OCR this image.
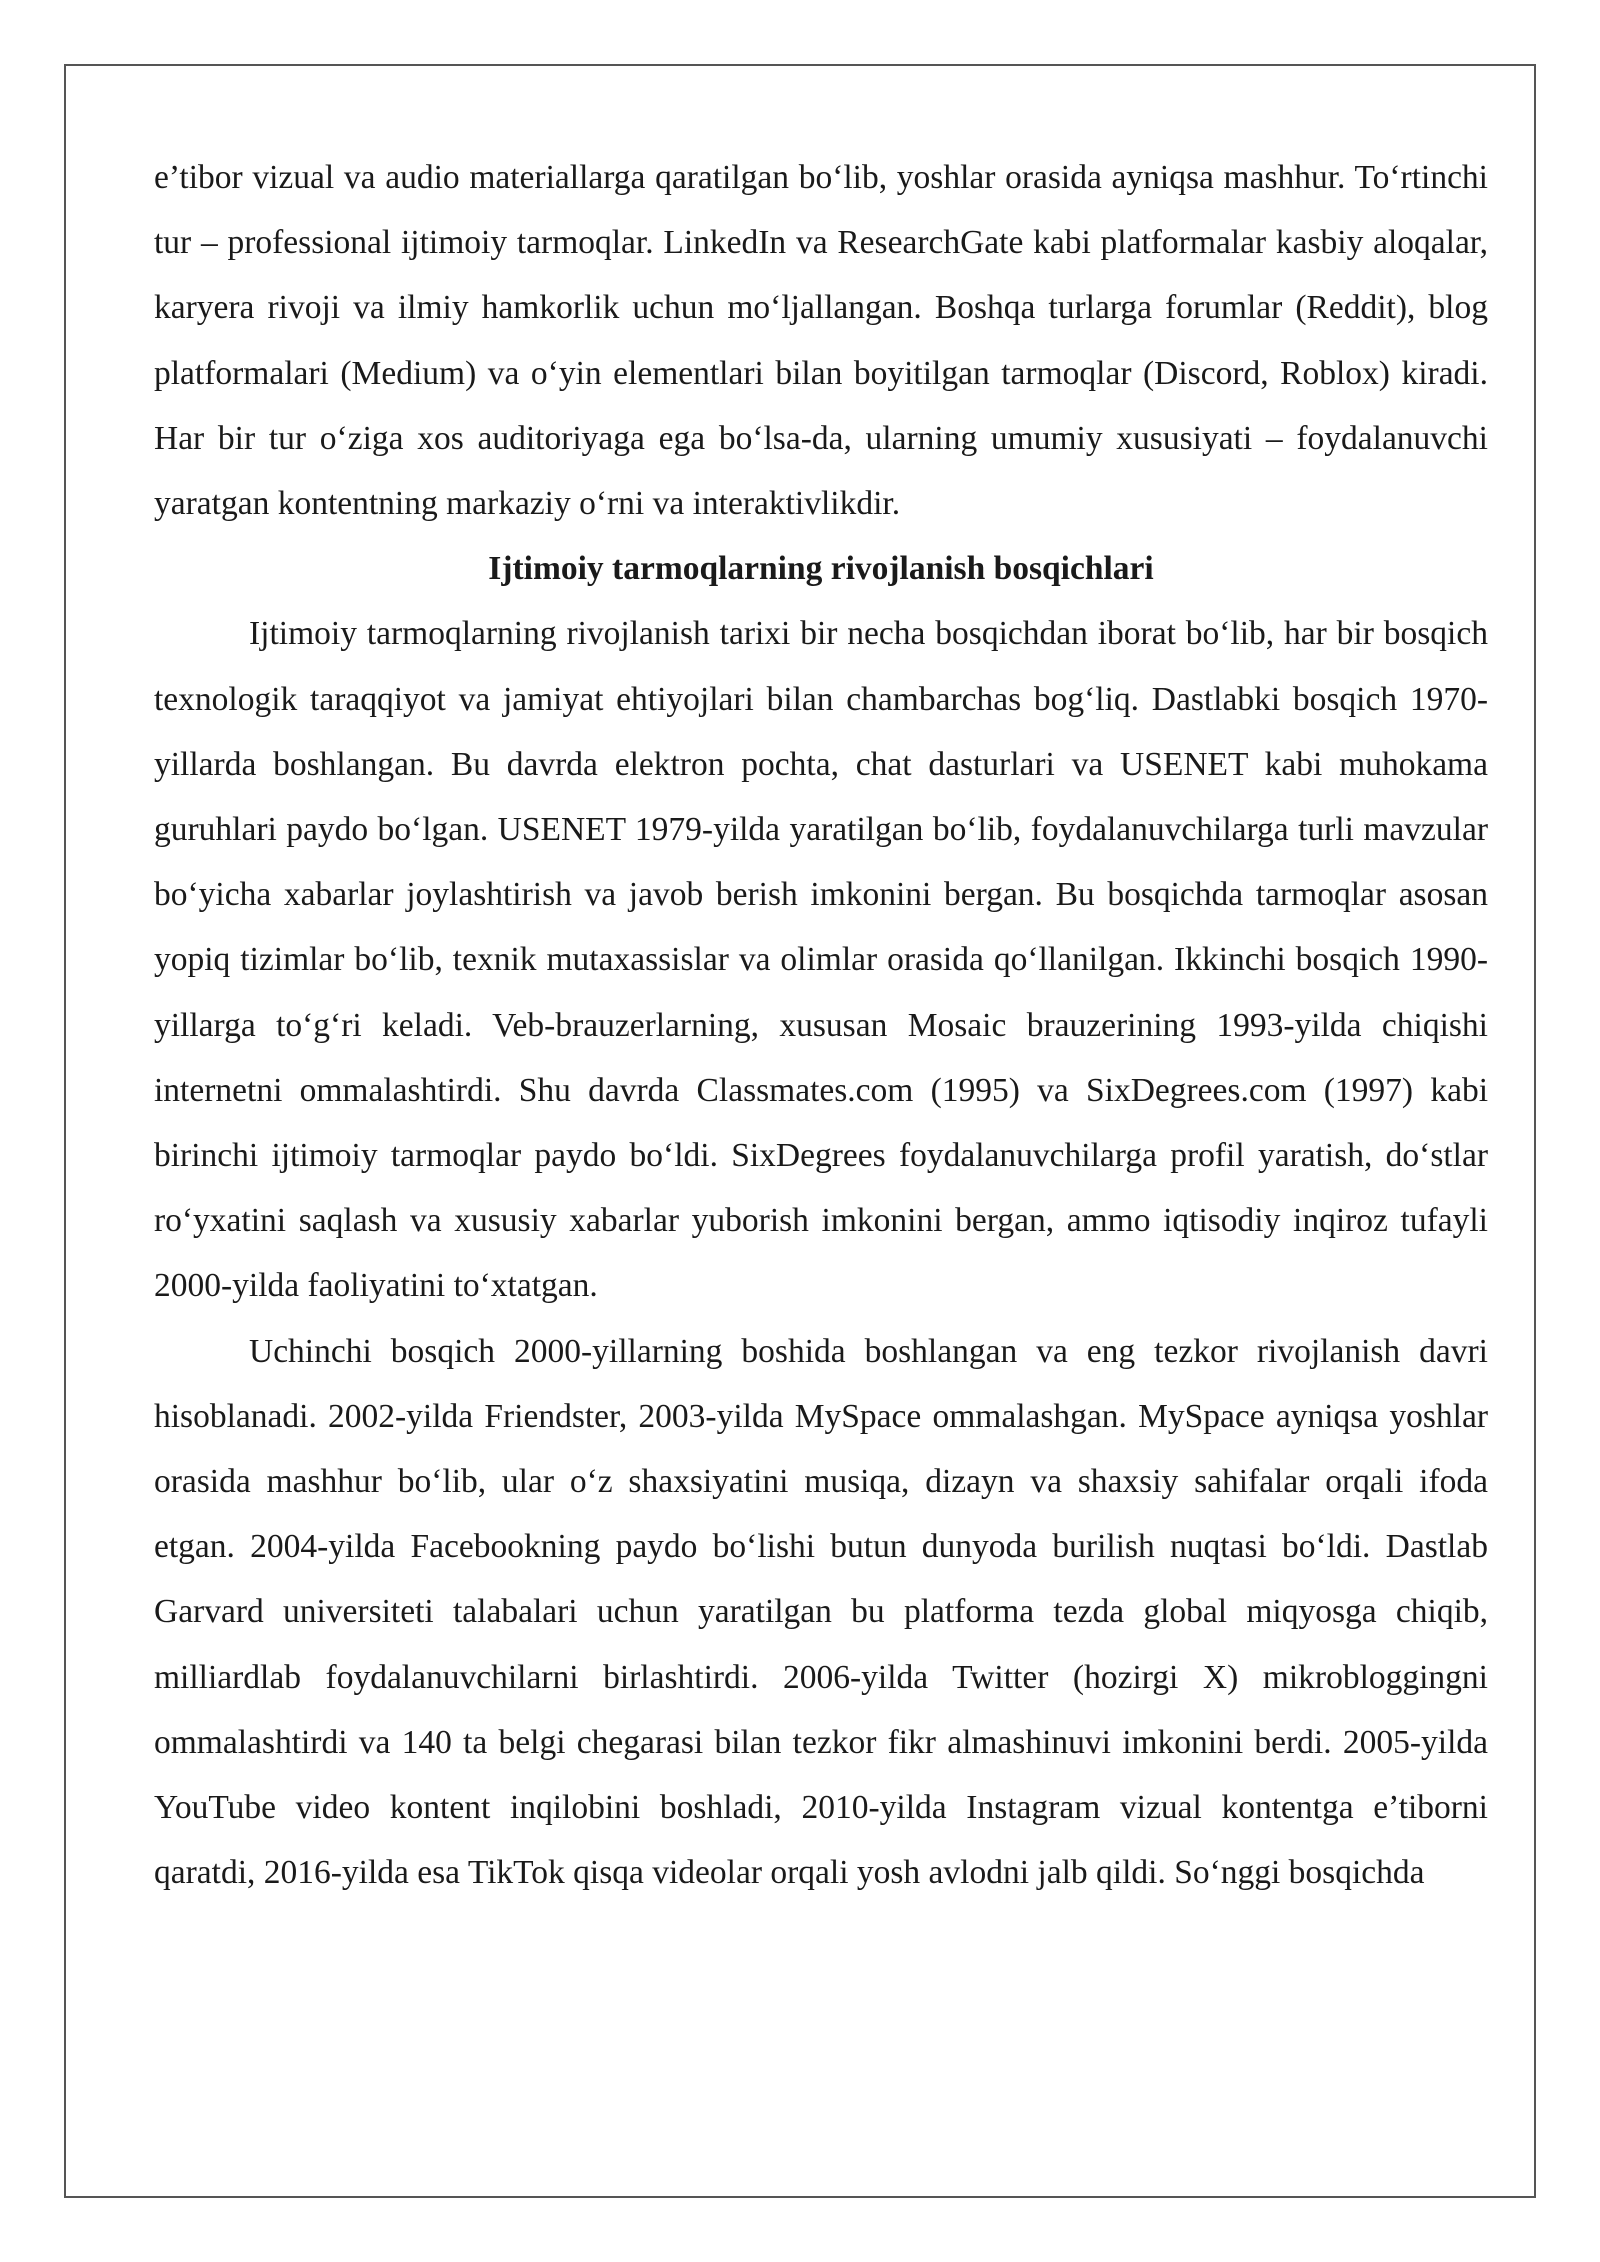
e’tibor vizual va audio materiallarga qaratilgan bo‘lib, yoshlar orasida ayniqsa mashhur. To‘rtinchi tur – professional ijtimoiy tarmoqlar. LinkedIn va ResearchGate kabi platformalar kasbiy aloqalar, karyera rivoji va ilmiy hamkorlik uchun mo‘ljallangan. Boshqa turlarga forumlar (Reddit), blog platformalari (Medium) va o‘yin elementlari bilan boyitilgan tarmoqlar (Discord, Roblox) kiradi. Har bir tur o‘ziga xos auditoriyaga ega bo‘lsa-da, ularning umumiy xususiyati – foydalanuvchi yaratgan kontentning markaziy o‘rni va interaktivlikdir.

Ijtimoiy tarmoqlarning rivojlanish bosqichlari

Ijtimoiy tarmoqlarning rivojlanish tarixi bir necha bosqichdan iborat bo‘lib, har bir bosqich texnologik taraqqiyot va jamiyat ehtiyojlari bilan chambarchas bog‘liq. Dastlabki bosqich 1970-yillarda boshlangan. Bu davrda elektron pochta, chat dasturlari va USENET kabi muhokama guruhlari paydo bo‘lgan. USENET 1979-yilda yaratilgan bo‘lib, foydalanuvchilarga turli mavzular bo‘yicha xabarlar joylashtirish va javob berish imkonini bergan. Bu bosqichda tarmoqlar asosan yopiq tizimlar bo‘lib, texnik mutaxassislar va olimlar orasida qo‘llanilgan. Ikkinchi bosqich 1990-yillarga to‘g‘ri keladi. Veb-brauzerlarning, xususan Mosaic brauzerining 1993-yilda chiqishi internetni ommalashtirdi. Shu davrda Classmates.com (1995) va SixDegrees.com (1997) kabi birinchi ijtimoiy tarmoqlar paydo bo‘ldi. SixDegrees foydalanuvchilarga profil yaratish, do‘stlar ro‘yxatini saqlash va xususiy xabarlar yuborish imkonini bergan, ammo iqtisodiy inqiroz tufayli 2000-yilda faoliyatini to‘xtatgan.

Uchinchi bosqich 2000-yillarning boshida boshlangan va eng tezkor rivojlanish davri hisoblanadi. 2002-yilda Friendster, 2003-yilda MySpace ommalashgan. MySpace ayniqsa yoshlar orasida mashhur bo‘lib, ular o‘z shaxsiyatini musiqa, dizayn va shaxsiy sahifalar orqali ifoda etgan. 2004-yilda Facebookning paydo bo‘lishi butun dunyoda burilish nuqtasi bo‘ldi. Dastlab Garvard universiteti talabalari uchun yaratilgan bu platforma tezda global miqyosga chiqib, milliardlab foydalanuvchilarni birlashtirdi. 2006-yilda Twitter (hozirgi X) mikrobloggingni ommalashtirdi va 140 ta belgi chegarasi bilan tezkor fikr almashinuvi imkonini berdi. 2005-yilda YouTube video kontent inqilobini boshladi, 2010-yilda Instagram vizual kontentga e’tiborni qaratdi, 2016-yilda esa TikTok qisqa videolar orqali yosh avlodni jalb qildi. So‘nggi bosqichda
